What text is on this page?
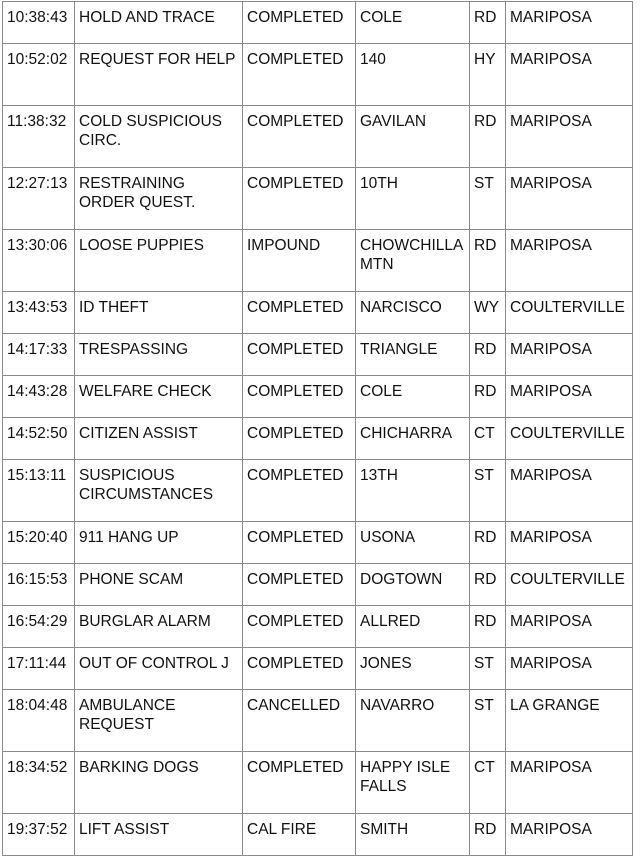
10:38:43	HOLD AND TRACE	COMPLETED	COLE	RD	MARIPOSA
10:52:02	REQUEST FOR HELP	COMPLETED	140	HY	MARIPOSA
11:38:32	COLD SUSPICIOUS CIRC.	COMPLETED	GAVILAN	RD	MARIPOSA
12:27:13	RESTRAINING ORDER QUEST.	COMPLETED	10TH	ST	MARIPOSA
13:30:06	LOOSE PUPPIES	IMPOUND	CHOWCHILLA MTN	RD	MARIPOSA
13:43:53	ID THEFT	COMPLETED	NARCISCO	WY	COULTERVILLE
14:17:33	TRESPASSING	COMPLETED	TRIANGLE	RD	MARIPOSA
14:43:28	WELFARE CHECK	COMPLETED	COLE	RD	MARIPOSA
14:52:50	CITIZEN ASSIST	COMPLETED	CHICHARRA	CT	COULTERVILLE
15:13:11	SUSPICIOUS CIRCUMSTANCES	COMPLETED	13TH	ST	MARIPOSA
15:20:40	911 HANG UP	COMPLETED	USONA	RD	MARIPOSA
16:15:53	PHONE SCAM	COMPLETED	DOGTOWN	RD	COULTERVILLE
16:54:29	BURGLAR ALARM	COMPLETED	ALLRED	RD	MARIPOSA
17:11:44	OUT OF CONTROL J	COMPLETED	JONES	ST	MARIPOSA
18:04:48	AMBULANCE REQUEST	CANCELLED	NAVARRO	ST	LA GRANGE
18:34:52	BARKING DOGS	COMPLETED	HAPPY ISLE FALLS	CT	MARIPOSA
19:37:52	LIFT ASSIST	CAL FIRE	SMITH	RD	MARIPOSA
